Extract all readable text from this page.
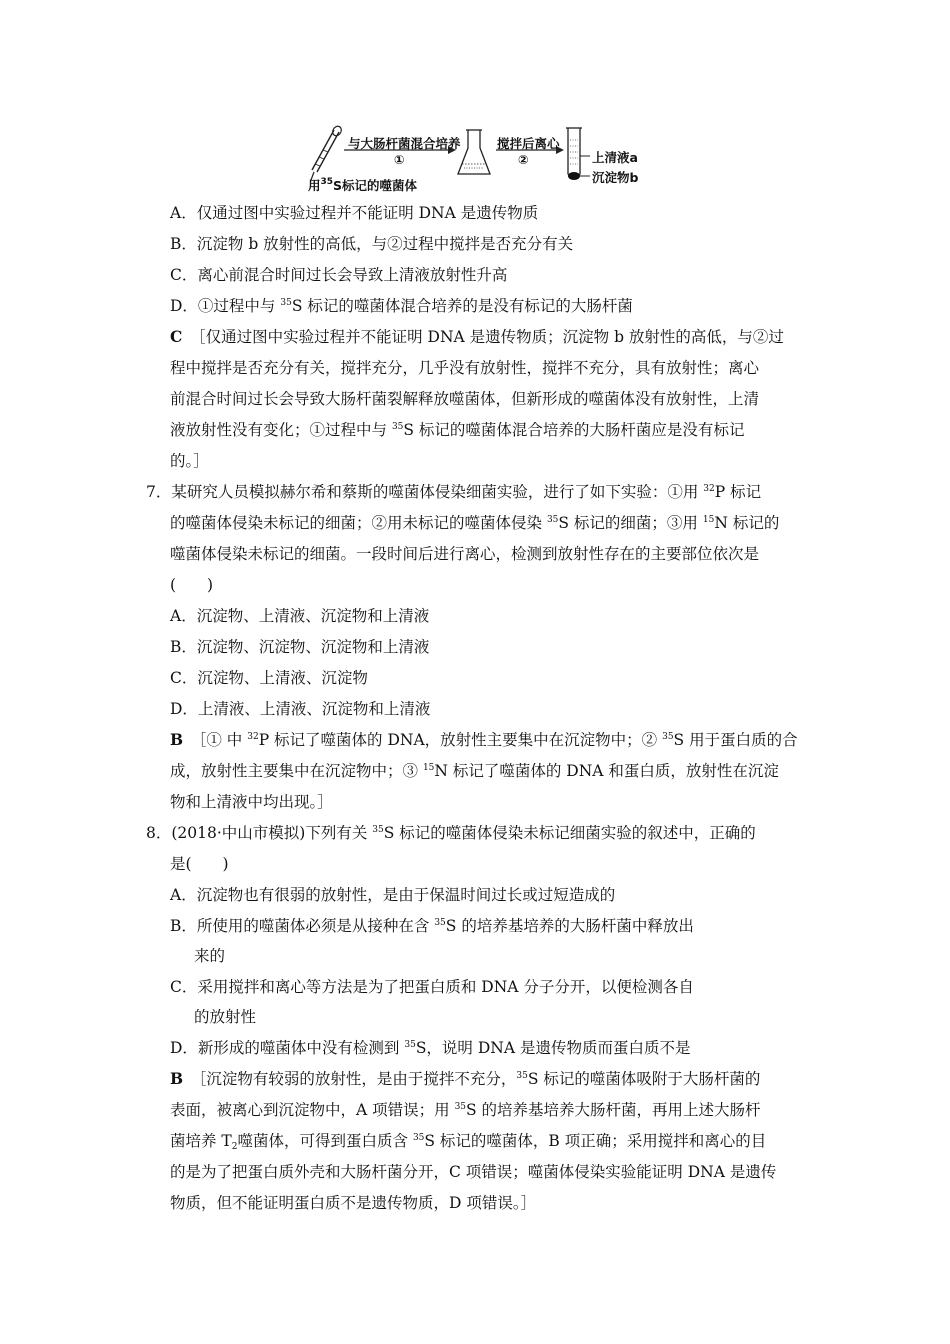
与大肠杆菌混合培养
①
搅拌后离心
②
用$^{35}$S标记的噬菌体
上清液a
沉淀物b
A．仅通过图中实验过程并不能证明 DNA 是遗传物质
B．沉淀物 b 放射性的高低，与②过程中搅拌是否充分有关
C．离心前混合时间过长会导致上清液放射性升高
D．①过程中与 $^{35}$S 标记的噬菌体混合培养的是没有标记的大肠杆菌
C　 ［仅通过图中实验过程并不能证明 DNA 是遗传物质；沉淀物 b 放射性的高低，与②过
程中搅拌是否充分有关，搅拌充分，几乎没有放射性，搅拌不充分，具有放射性；离心
前混合时间过长会导致大肠杆菌裂解释放噬菌体，但新形成的噬菌体没有放射性，上清
液放射性没有变化；①过程中与 $^{35}$S 标记的噬菌体混合培养的大肠杆菌应是没有标记
的。］
7．某研究人员模拟赫尔希和蔡斯的噬菌体侵染细菌实验，进行了如下实验：①用 $^{32}$P 标记
的噬菌体侵染未标记的细菌；②用未标记的噬菌体侵染 $^{35}$S 标记的细菌；③用 $^{15}$N 标记的
噬菌体侵染未标记的细菌。一段时间后进行离心，检测到放射性存在的主要部位依次是
(　　)
A．沉淀物、上清液、沉淀物和上清液
B．沉淀物、沉淀物、沉淀物和上清液
C．沉淀物、上清液、沉淀物
D．上清液、上清液、沉淀物和上清液
B　 ［① 中 $^{32}$P 标记了噬菌体的 DNA，放射性主要集中在沉淀物中；② $^{35}$S 用于蛋白质的合
成，放射性主要集中在沉淀物中；③ $^{15}$N 标记了噬菌体的 DNA 和蛋白质，放射性在沉淀
物和上清液中均出现。］
8．(2018·中山市模拟)下列有关 $^{35}$S 标记的噬菌体侵染未标记细菌实验的叙述中，正确的
是(　　)
A．沉淀物也有很弱的放射性，是由于保温时间过长或过短造成的
B．所使用的噬菌体必须是从接种在含 $^{35}$S 的培养基培养的大肠杆菌中释放出
来的
C．采用搅拌和离心等方法是为了把蛋白质和 DNA 分子分开，以便检测各自
的放射性
D．新形成的噬菌体中没有检测到 $^{35}$S，说明 DNA 是遗传物质而蛋白质不是
B　 ［沉淀物有较弱的放射性，是由于搅拌不充分，$^{35}$S 标记的噬菌体吸附于大肠杆菌的
表面，被离心到沉淀物中，A 项错误；用 $^{35}$S 的培养基培养大肠杆菌，再用上述大肠杆
菌培养 $T_2$噬菌体，可得到蛋白质含 $^{35}$S 标记的噬菌体，B 项正确；采用搅拌和离心的目
的是为了把蛋白质外壳和大肠杆菌分开，C 项错误；噬菌体侵染实验能证明 DNA 是遗传
物质，但不能证明蛋白质不是遗传物质，D 项错误。］
